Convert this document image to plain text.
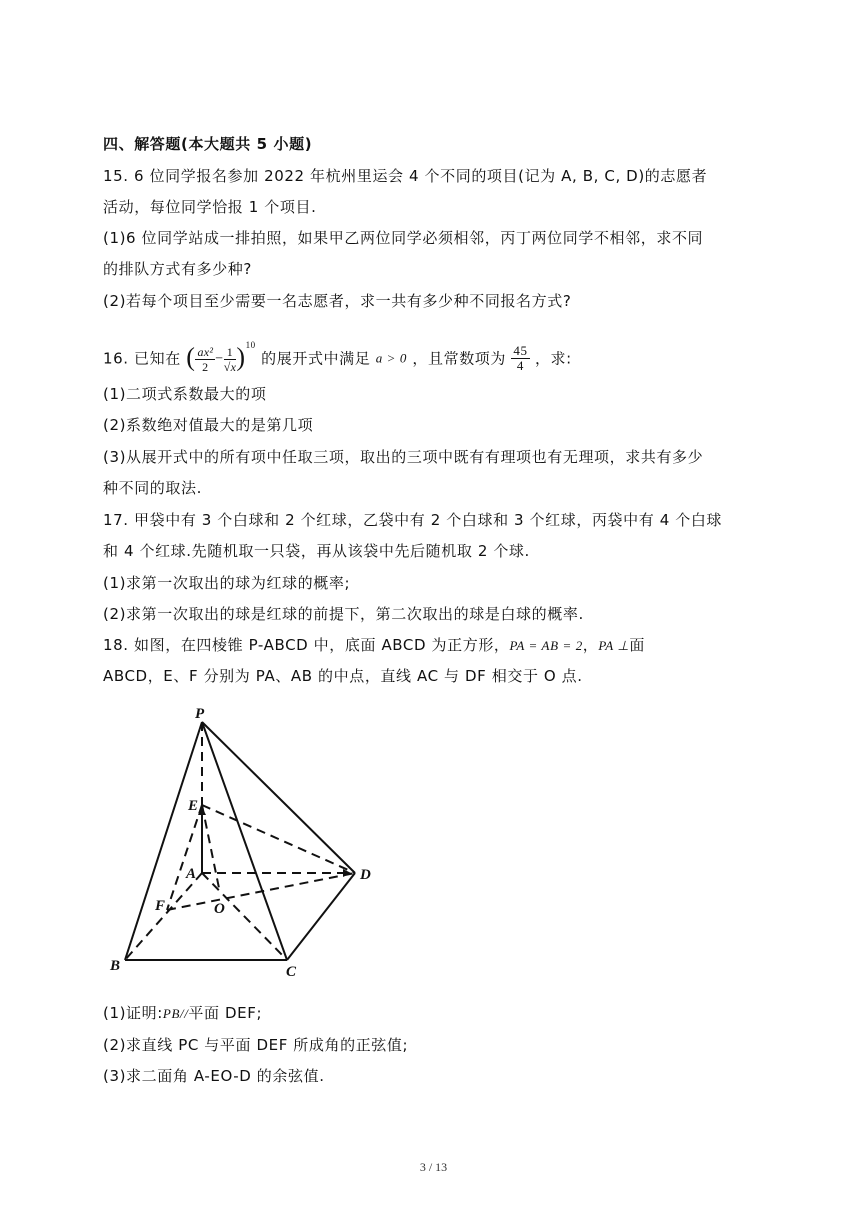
四、解答题(本大题共 5 小题)
15. 6 位同学报名参加 2022 年杭州里运会 4 个不同的项目(记为 A, B, C, D)的志愿者
活动，每位同学恰报 1 个项目.
(1)6 位同学站成一排拍照，如果甲乙两位同学必须相邻，丙丁两位同学不相邻，求不同
的排队方式有多少种?
(2)若每个项目至少需要一名志愿者，求一共有多少种不同报名方式?
16. 已知在 ( $\frac{\text{ax²}}{2} - \frac{1}{√x} )^{10}$ 的展开式中满足 a > 0 ，且常数项为 $\frac{45}{4}$ ，求:
(1)二项式系数最大的项
(2)系数绝对值最大的是第几项
(3)从展开式中的所有项中任取三项，取出的三项中既有有理项也有无理项，求共有多少
种不同的取法.
17. 甲袋中有 3 个白球和 2 个红球，乙袋中有 2 个白球和 3 个红球，丙袋中有 4 个白球
和 4 个红球.先随机取一只袋，再从该袋中先后随机取 2 个球.
(1)求第一次取出的球为红球的概率;
(2)求第一次取出的球是红球的前提下，第二次取出的球是白球的概率.
18. 如图，在四棱锥 P-ABCD 中，底面 ABCD 为正方形，PA = AB = 2，PA ⊥面
ABCD，E、F 分别为 PA、AB 的中点，直线 AC 与 DF 相交于 O 点.
P
E
A	D
F	O
B	C
(1)证明:PB//平面 DEF;
(2)求直线 PC 与平面 DEF 所成角的正弦值;
(3)求二面角 A-EO-D 的余弦值.
3 / 13
